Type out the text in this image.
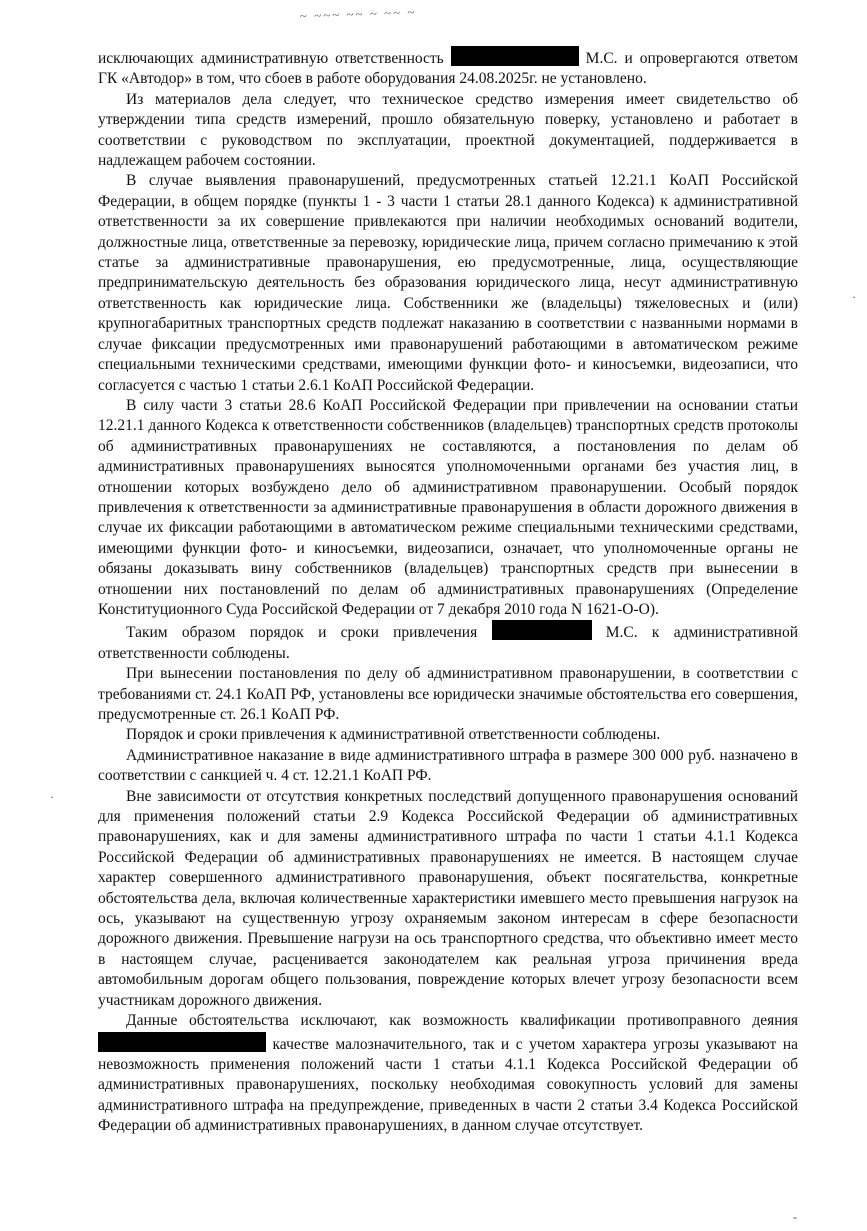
~ ~~~ ~~ ~ ~~ ~

исключающих административную ответственность	М.С. и опровергаются ответом ГК «Автодор» в том, что сбоев в работе оборудования 24.08.2025г. не установлено.

Из материалов дела следует, что техническое средство измерения имеет свидетельство об утверждении типа средств измерений, прошло обязательную поверку, установлено и работает в соответствии с руководством по эксплуатации, проектной документацией, поддерживается в надлежащем рабочем состоянии.

В случае выявления правонарушений, предусмотренных статьей 12.21.1 КоАП Российской Федерации, в общем порядке (пункты 1 - 3 части 1 статьи 28.1 данного Кодекса) к административной ответственности за их совершение привлекаются при наличии необходимых оснований водители, должностные лица, ответственные за перевозку, юридические лица, причем согласно примечанию к этой статье за административные правонарушения, ею предусмотренные, лица, осуществляющие предпринимательскую деятельность без образования юридического лица, несут административную ответственность как юридические лица. Собственники же (владельцы) тяжеловесных и (или) крупногабаритных транспортных средств подлежат наказанию в соответствии с названными нормами в случае фиксации предусмотренных ими правонарушений работающими в автоматическом режиме специальными техническими средствами, имеющими функции фото- и киносъемки, видеозаписи, что согласуется с частью 1 статьи 2.6.1 КоАП Российской Федерации.

В силу части 3 статьи 28.6 КоАП Российской Федерации при привлечении на основании статьи 12.21.1 данного Кодекса к ответственности собственников (владельцев) транспортных средств протоколы об административных правонарушениях не составляются, а постановления по делам об административных правонарушениях выносятся уполномоченными органами без участия лиц, в отношении которых возбуждено дело об административном правонарушении. Особый порядок привлечения к ответственности за административные правонарушения в области дорожного движения в случае их фиксации работающими в автоматическом режиме специальными техническими средствами, имеющими функции фото- и киносъемки, видеозаписи, означает, что уполномоченные органы не обязаны доказывать вину собственников (владельцев) транспортных средств при вынесении в отношении них постановлений по делам об административных правонарушениях (Определение Конституционного Суда Российской Федерации от 7 декабря 2010 года N 1621-О-О).

Таким образом порядок и сроки привлечения	М.С. к административной ответственности соблюдены.

При вынесении постановления по делу об административном правонарушении, в соответствии с требованиями ст. 24.1 КоАП РФ, установлены все юридически значимые обстоятельства его совершения, предусмотренные ст. 26.1 КоАП РФ.

Порядок и сроки привлечения к административной ответственности соблюдены.

Административное наказание в виде административного штрафа в размере 300 000 руб. назначено в соответствии с санкцией ч. 4 ст. 12.21.1 КоАП РФ.

Вне зависимости от отсутствия конкретных последствий допущенного правонарушения оснований для применения положений статьи 2.9 Кодекса Российской Федерации об административных правонарушениях, как и для замены административного штрафа по части 1 статьи 4.1.1 Кодекса Российской Федерации об административных правонарушениях не имеется. В настоящем случае характер совершенного административного правонарушения, объект посягательства, конкретные обстоятельства дела, включая количественные характеристики имевшего место превышения нагрузок на ось, указывают на существенную угрозу охраняемым законом интересам в сфере безопасности дорожного движения. Превышение нагрузи на ось транспортного средства, что объективно имеет место в настоящем случае, расценивается законодателем как реальная угроза причинения вреда автомобильным дорогам общего пользования, повреждение которых влечет угрозу безопасности всем участникам дорожного движения.

Данные обстоятельства исключают, как возможность квалификации противоправного деяния  качестве малозначительного, так и с учетом характера угрозы указывают на невозможность применения положений части 1 статьи 4.1.1 Кодекса Российской Федерации об административных правонарушениях, поскольку необходимая совокупность условий для замены административного штрафа на предупреждение, приведенных в части 2 статьи 3.4 Кодекса Российской Федерации об административных правонарушениях, в данном случае отсутствует.

·
·
-
